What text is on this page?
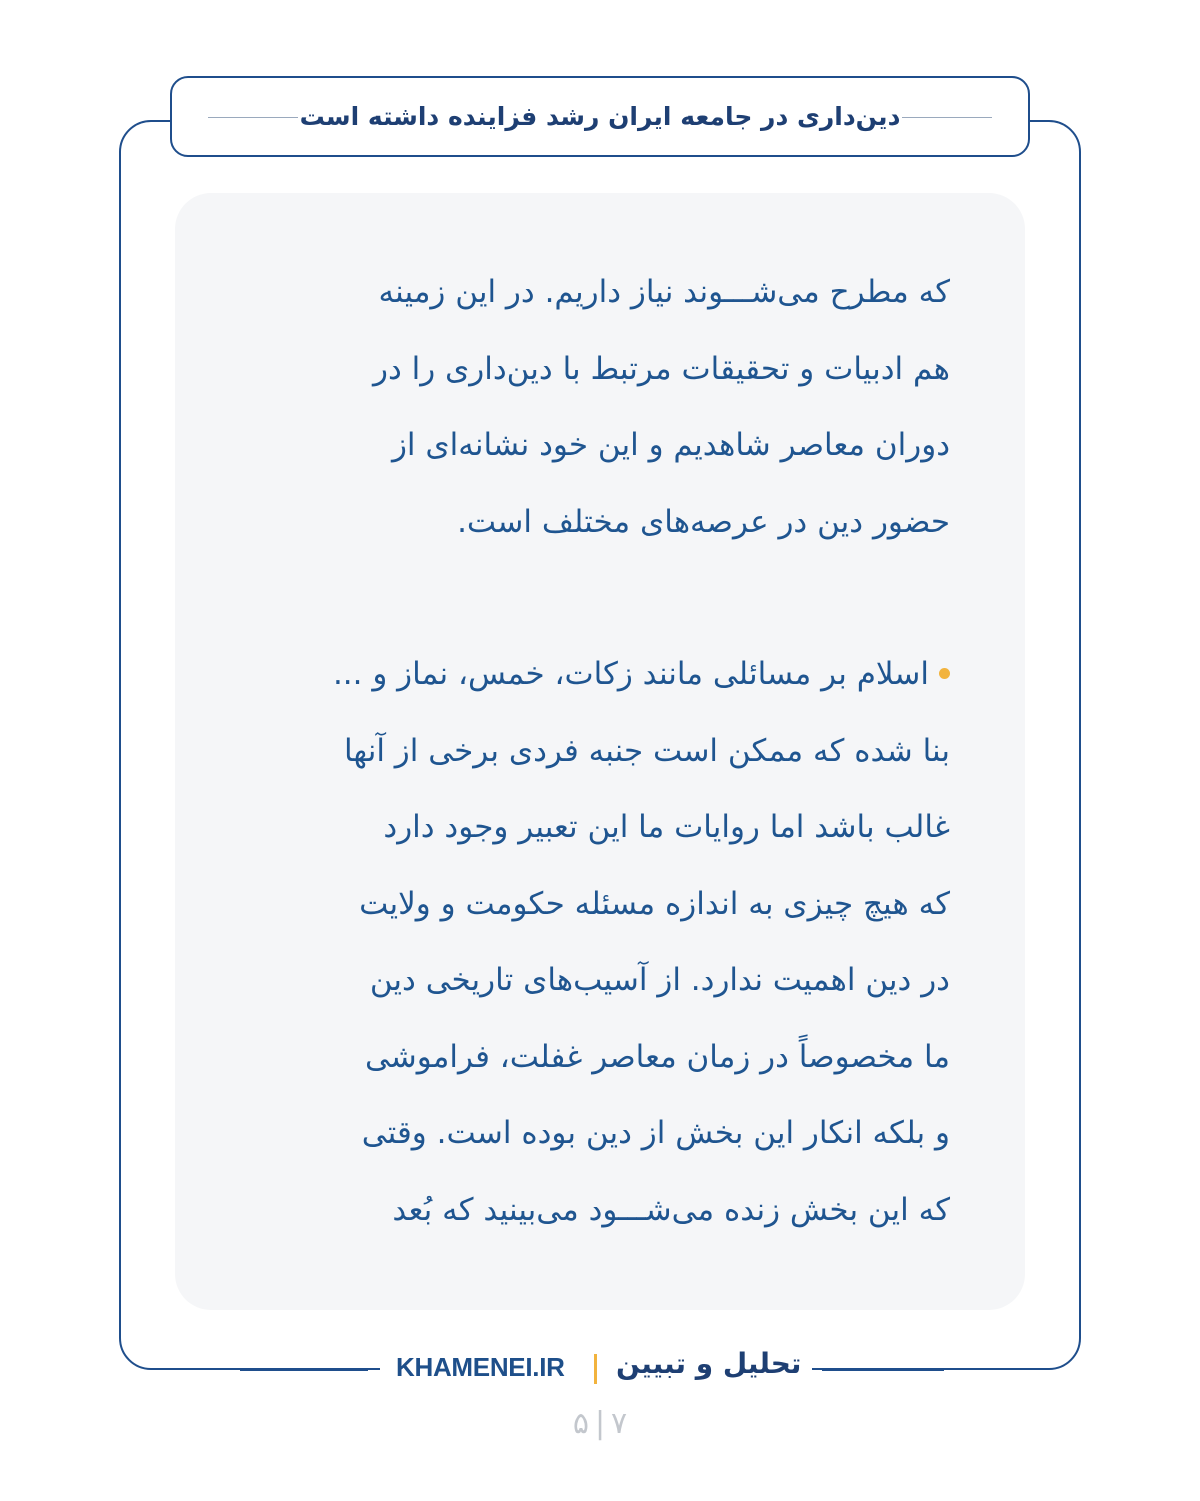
دین‌داری در جامعه ایران رشد فزاینده داشته است
که مطرح می‌شـــوند نیاز داریم. در این زمینه
هم ادبیات و تحقیقات مرتبط با دین‌داری را در
دوران معاصر شاهدیم و این خود نشانه‌ای از
حضور دین در عرصه‌های مختلف است.
اسلام بر مسائلی مانند زکات، خمس، نماز و ...
بنا شده که ممکن است جنبه فردی برخی از آنها
غالب باشد اما روایات ما این تعبیر وجود دارد
که هیچ چیزی به اندازه مسئله حکومت و ولایت
در دین اهمیت ندارد. از آسیب‌های تاریخی دین
ما مخصوصاً در زمان معاصر غفلت، فراموشی
و بلکه انکار این بخش از دین بوده است. وقتی
که این بخش زنده می‌شـــود می‌بینید که بُعد
KHAMENEI.IR تحلیل و تبیین
۵ | ۷
